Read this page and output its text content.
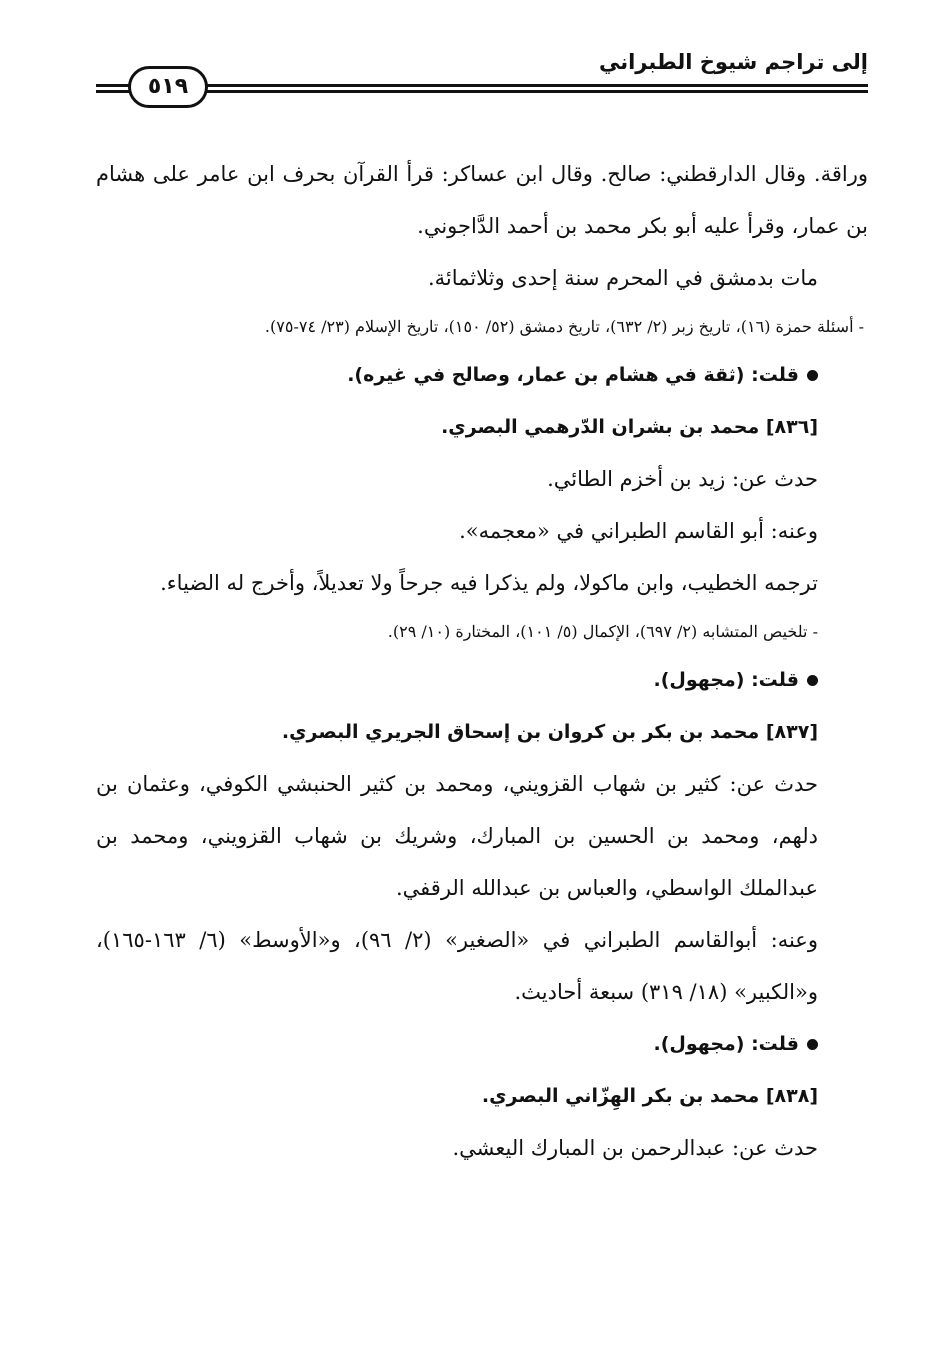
إلى تراجم شيوخ الطبراني
٥١٩

وراقة. وقال الدارقطني: صالح. وقال ابن عساكر: قرأ القرآن بحرف ابن عامر على هشام بن عمار، وقرأ عليه أبو بكر محمد بن أحمد الدَّاجوني.

مات بدمشق في المحرم سنة إحدى وثلاثمائة.

- أسئلة حمزة (١٦)، تاريخ زبر (٢/ ٦٣٢)، تاريخ دمشق (٥٢/ ١٥٠)، تاريخ الإسلام (٢٣/ ٧٤-٧٥).

قلت: (ثقة في هشام بن عمار، وصالح في غيره).

[٨٣٦] محمد بن بشران الدّرهمي البصري.

حدث عن: زيد بن أخزم الطائي.

وعنه: أبو القاسم الطبراني في «معجمه».

ترجمه الخطيب، وابن ماكولا، ولم يذكرا فيه جرحاً ولا تعديلاً، وأخرج له الضياء.

- تلخيص المتشابه (٢/ ٦٩٧)، الإكمال (٥/ ١٠١)، المختارة (١٠/ ٢٩).

قلت: (مجهول).

[٨٣٧] محمد بن بكر بن كروان بن إسحاق الجريري البصري.

حدث عن: كثير بن شهاب القزويني، ومحمد بن كثير الحنبشي الكوفي، وعثمان بن دلهم، ومحمد بن الحسين بن المبارك، وشريك بن شهاب القزويني، ومحمد بن عبدالملك الواسطي، والعباس بن عبدالله الرقفي.

وعنه: أبوالقاسم الطبراني في «الصغير» (٢/ ٩٦)، و«الأوسط» (٦/ ١٦٣-١٦٥)، و«الكبير» (١٨/ ٣١٩) سبعة أحاديث.

قلت: (مجهول).

[٨٣٨] محمد بن بكر الهِزّاني البصري.

حدث عن: عبدالرحمن بن المبارك اليعشي.
